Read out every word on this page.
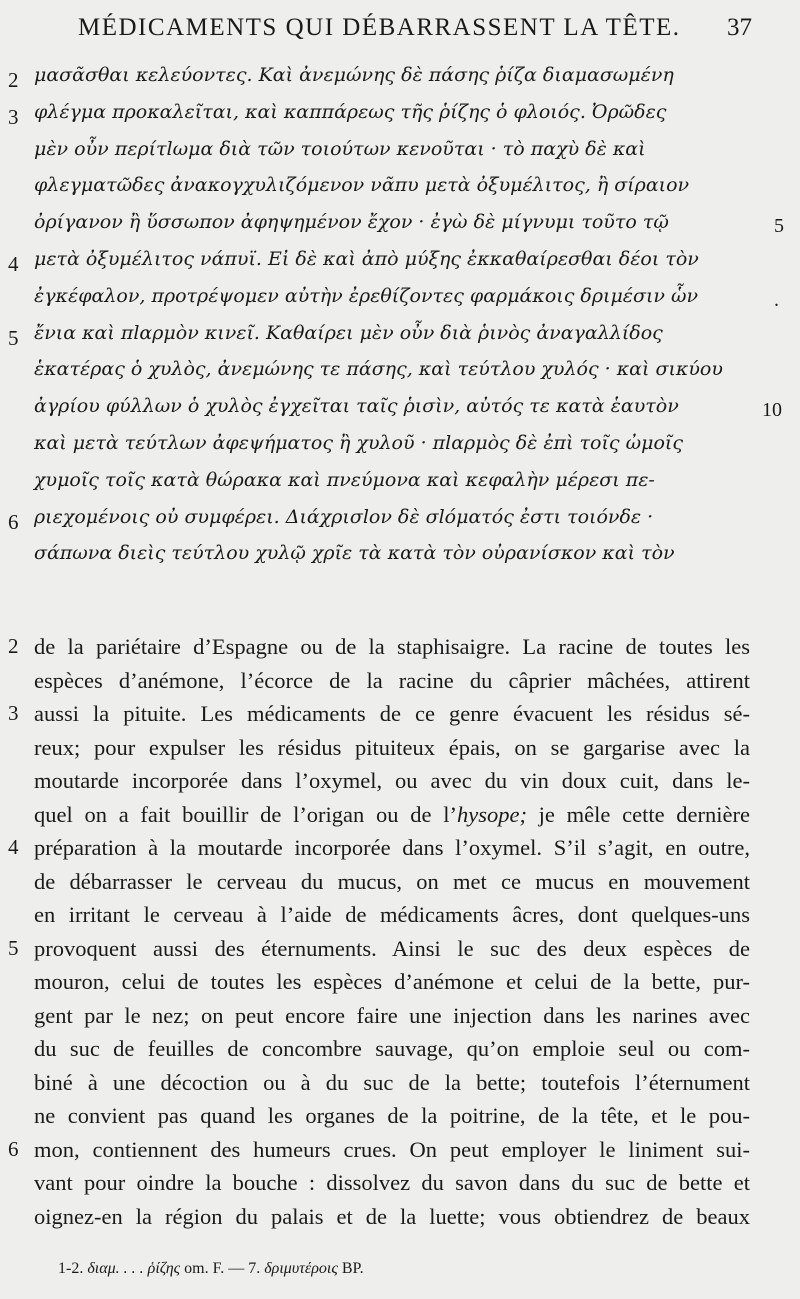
MÉDICAMENTS QUI DÉBARRASSENT LA TÊTE. 37
2 μασᾶσθαι κελεύοντες. Καὶ ἀνεμώνης δὲ πάσης ῥίζα διαμασωμένη
3 φλέγμα προκαλεῖται, καὶ καππάρεως τῆς ῥίζης ὁ φλοιός. Ὀρῶδες
μὲν οὖν περίτlωμα διὰ τῶν τοιούτων κενοῦται · τὸ παχὺ δὲ καὶ
φλεγματῶδες ἀνακογχυλιζόμενον νᾶπυ μετὰ ὀξυμέλιτος, ἢ σίραιον
ὀρίγανον ἢ ὕσσωπον ἀφηψημένον ἔχον · ἐγὼ δὲ μίγνυμι τοῦτο τῷ	5
4 μετὰ ὀξυμέλιτος νάπυϊ. Εἰ δὲ καὶ ἀπὸ μύξης ἐκκαθαίρεσθαι δέοι τὸν
ἐγκέφαλον, προτρέψομεν αὐτὴν ἐρεθίζοντες φαρμάκοις δριμέσιν ὧν	.
5 ἔνια καὶ πlαρμὸν κινεῖ. Καθαίρει μὲν οὖν διὰ ῥινὸς ἀναγαλλίδος
ἑκατέρας ὁ χυλὸς, ἀνεμώνης τε πάσης, καὶ τεύτλου χυλός · καὶ σικύου
ἀγρίου φύλλων ὁ χυλὸς ἐγχεῖται ταῖς ῥισὶν, αὐτός τε κατὰ ἑαυτὸν	10
καὶ μετὰ τεύτλων ἀφεψήματος ἢ χυλοῦ · πlαρμὸς δὲ ἐπὶ τοῖς ὠμοῖς
χυμοῖς τοῖς κατὰ θώρακα καὶ πνεύμονα καὶ κεφαλὴν μέρεσι πε-
6 ριεχομένοις οὐ συμφέρει. Διάχρισlον δὲ σlόματός ἐστι τοιόνδε ·
σάπωνα διεὶς τεύτλου χυλῷ χρῖε τὰ κατὰ τὸν οὐρανίσκον καὶ τὸν
2 de la pariétaire d’Espagne ou de la staphisaigre. La racine de toutes les
espèces d’anémone, l’écorce de la racine du câprier mâchées, attirent
3 aussi la pituite. Les médicaments de ce genre évacuent les résidus sé-
reux; pour expulser les résidus pituiteux épais, on se gargarise avec la
moutarde incorporée dans l’oxymel, ou avec du vin doux cuit, dans le-
quel on a fait bouillir de l’origan ou de l’hysope; je mêle cette dernière
4 préparation à la moutarde incorporée dans l’oxymel. S’il s’agit, en outre,
de débarrasser le cerveau du mucus, on met ce mucus en mouvement
en irritant le cerveau à l’aide de médicaments âcres, dont quelques-uns
5 provoquent aussi des éternuments. Ainsi le suc des deux espèces de
mouron, celui de toutes les espèces d’anémone et celui de la bette, pur-
gent par le nez; on peut encore faire une injection dans les narines avec
du suc de feuilles de concombre sauvage, qu’on emploie seul ou com-
biné à une décoction ou à du suc de la bette; toutefois l’éternument
ne convient pas quand les organes de la poitrine, de la tête, et le pou-
6 mon, contiennent des humeurs crues. On peut employer le liniment sui-
vant pour oindre la bouche : dissolvez du savon dans du suc de bette et
oignez-en la région du palais et de la luette; vous obtiendrez de beaux
1-2. διαμ. . . . ῥίζης om. F. — 7. δριμυτέροις BP.
